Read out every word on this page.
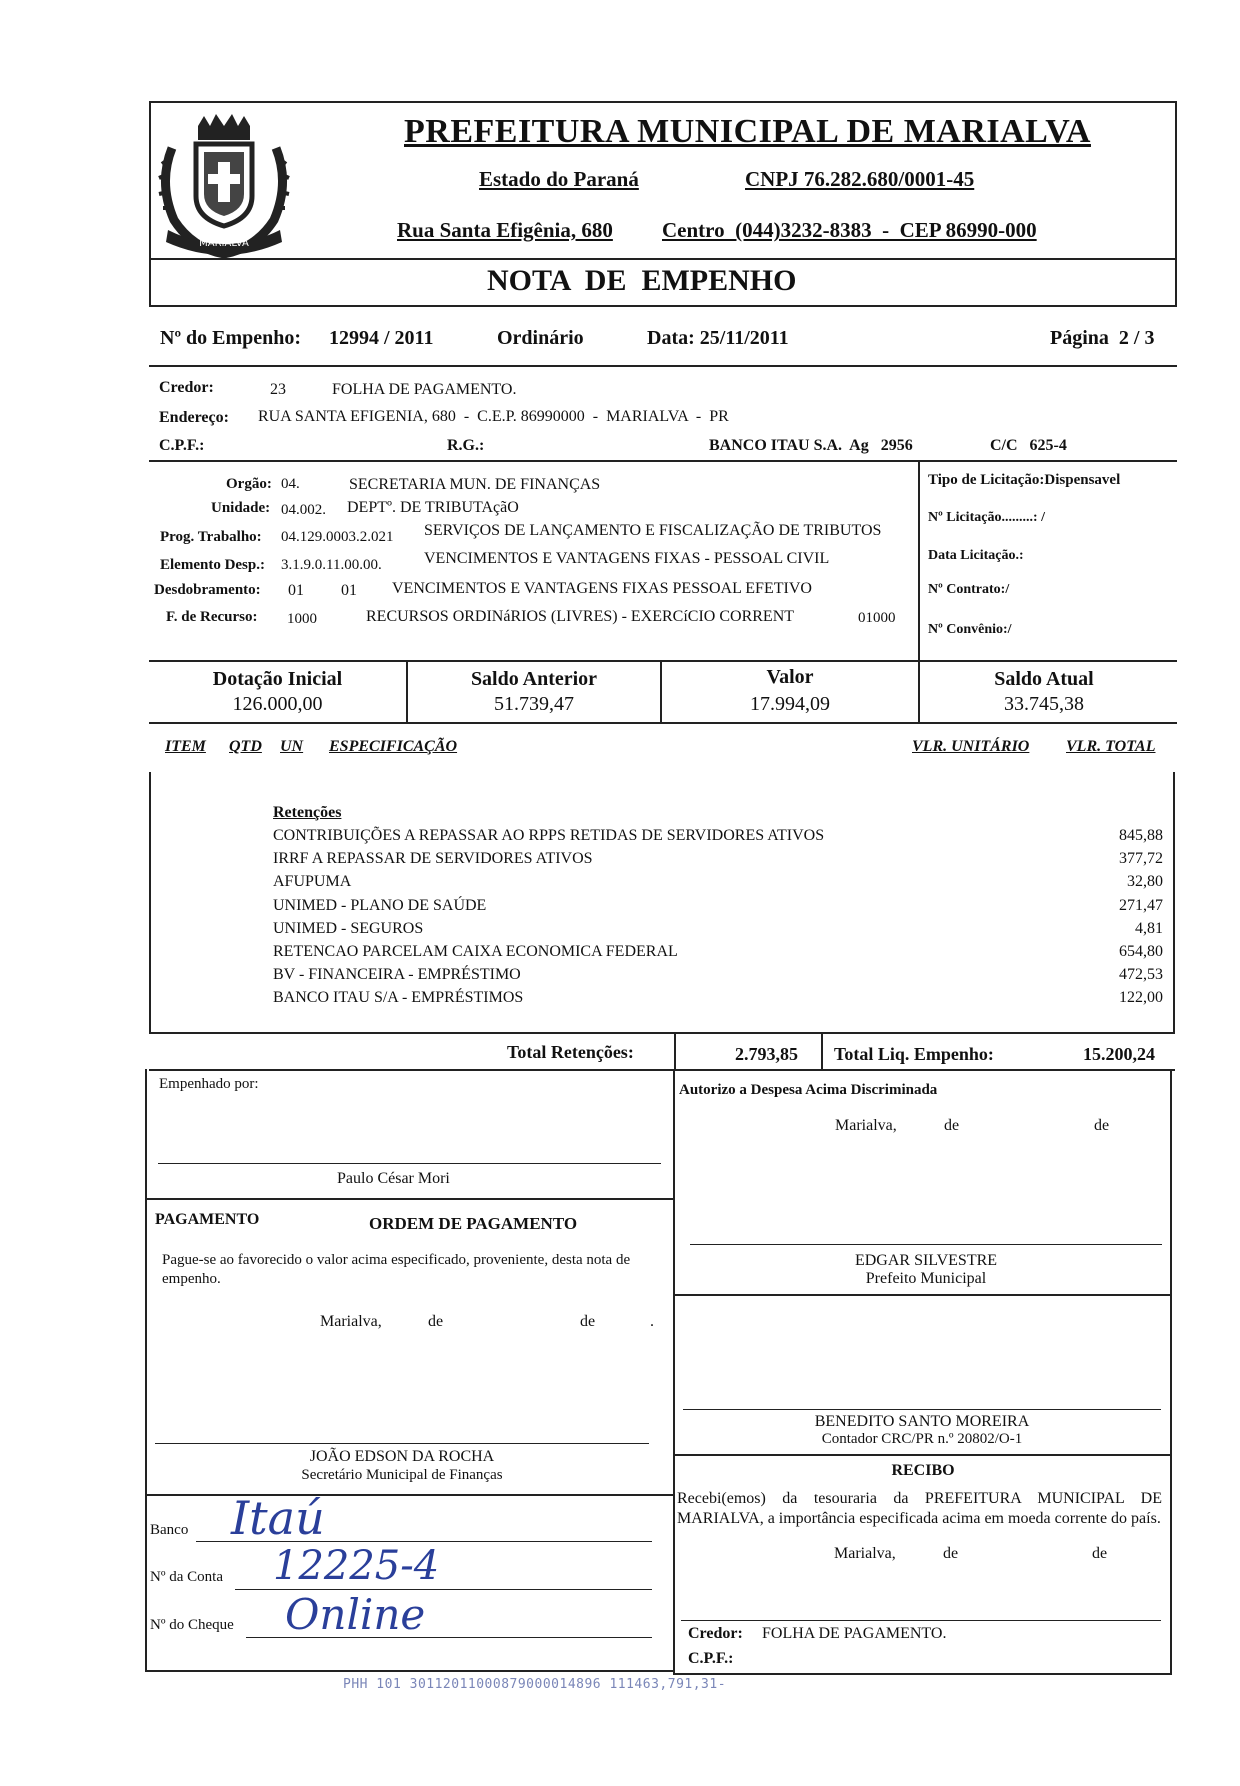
MARIALVA
PREFEITURA MUNICIPAL DE MARIALVA
Estado do Paraná	CNPJ 76.282.680/0001-45
Rua Santa Efigênia, 680 Centro  (044)3232-8383  -  CEP 86990-000
NOTA  DE  EMPENHO
Nº do Empenho: 12994 / 2011	Ordinário	Data: 25/11/2011	Página  2 / 3
Credor:	23	FOLHA DE PAGAMENTO.
Endereço: RUA SANTA EFIGENIA, 680  -  C.E.P. 86990000  -  MARIALVA  -  PR
C.P.F.:	R.G.:	BANCO ITAU S.A.  Ag   2956	C/C   625-4
Orgão: 04.	SECRETARIA MUN. DE FINANÇAS
Unidade: 04.002. DEPTº. DE TRIBUTAçãO
Prog. Trabalho: 04.129.0003.2.021 SERVIÇOS DE LANÇAMENTO E FISCALIZAÇÃO DE TRIBUTOS
Elemento Desp.: 3.1.9.0.11.00.00.	VENCIMENTOS E VANTAGENS FIXAS - PESSOAL CIVIL
Desdobramento: 01 01 VENCIMENTOS E VANTAGENS FIXAS PESSOAL EFETIVO
F. de Recurso: 1000	RECURSOS ORDINáRIOS (LIVRES) - EXERCíCIO CORRENT	01000
Tipo de Licitação:Dispensavel
Nº Licitação.........: /
Data Licitação.:
Nº Contrato:/
Nº Convênio:/
Dotação Inicial
126.000,00
Saldo Anterior
51.739,47
Valor
17.994,09
Saldo Atual
33.745,38
ITEM QTD UN ESPECIFICAÇÃO	VLR. UNITÁRIO VLR. TOTAL
Retenções
CONTRIBUIÇÕES A REPASSAR AO RPPS RETIDAS DE SERVIDORES ATIVOS	845,88
IRRF A REPASSAR DE SERVIDORES ATIVOS	377,72
AFUPUMA	32,80
UNIMED - PLANO DE SAÚDE	271,47
UNIMED - SEGUROS	4,81
RETENCAO PARCELAM CAIXA ECONOMICA FEDERAL	654,80
BV - FINANCEIRA - EMPRÉSTIMO	472,53
BANCO ITAU S/A - EMPRÉSTIMOS	122,00
Total Retenções:	2.793,85 Total Liq. Empenho:	15.200,24
Empenhado por:
Paulo César Mori
PAGAMENTO	ORDEM DE PAGAMENTO
Pague-se ao favorecido o valor acima especificado, proveniente, desta nota de empenho.
Marialva,	de	de	.
JOÃO EDSON DA ROCHA
Secretário Municipal de Finanças
Banco Itaú
Nº da Conta 12225-4
Nº do Cheque Online
Autorizo a Despesa Acima Discriminada
Marialva,	de	de
EDGAR SILVESTRE
Prefeito Municipal
BENEDITO SANTO MOREIRA
Contador CRC/PR n.º 20802/O-1
RECIBO
Recebi(emos) da tesouraria da PREFEITURA MUNICIPAL DE MARIALVA, a importância especificada acima em moeda corrente do país.
Marialva,	de	de
Credor: FOLHA DE PAGAMENTO.
C.P.F.:
PHH 101 30112011000879000014896 111463,791,31-
